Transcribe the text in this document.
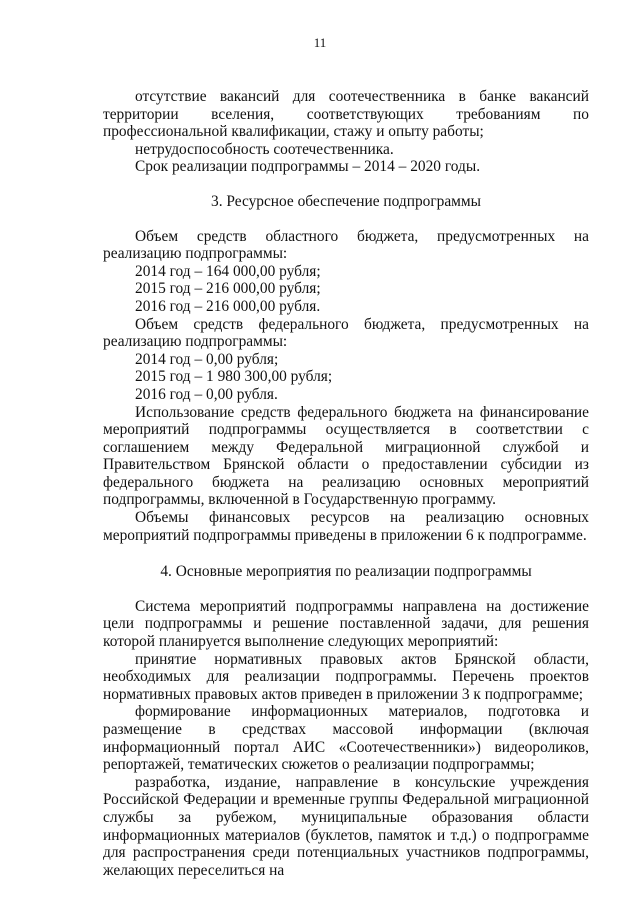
11

отсутствие вакансий для соотечественника в банке вакансий территории вселения, соответствующих требованиям по профессиональной квалификации, стажу и опыту работы;

нетрудоспособность соотечественника.

Срок реализации подпрограммы – 2014 – 2020 годы.

3. Ресурсное обеспечение подпрограммы

Объем средств областного бюджета, предусмотренных на реализацию подпрограммы:

2014 год – 164 000,00 рубля;

2015 год – 216 000,00 рубля;

2016 год – 216 000,00 рубля.

Объем средств федерального бюджета, предусмотренных на реализацию подпрограммы:

2014 год – 0,00 рубля;

2015 год – 1 980 300,00 рубля;

2016 год – 0,00 рубля.

Использование средств федерального бюджета на финансирование мероприятий подпрограммы осуществляется в соответствии с соглашением между Федеральной миграционной службой и Правительством Брянской области о предоставлении субсидии из федерального бюджета на реализацию основных мероприятий подпрограммы, включенной в Государственную программу.

Объемы финансовых ресурсов на реализацию основных мероприятий подпрограммы приведены в приложении 6 к подпрограмме.

4. Основные мероприятия по реализации подпрограммы

Система мероприятий подпрограммы направлена на достижение цели подпрограммы и решение поставленной задачи, для решения которой планируется выполнение следующих мероприятий:

принятие нормативных правовых актов Брянской области, необходимых для реализации подпрограммы. Перечень проектов нормативных правовых актов приведен в приложении 3 к подпрограмме;

формирование информационных материалов, подготовка и размещение в средствах массовой информации (включая информационный портал АИС «Соотечественники») видеороликов, репортажей, тематических сюжетов о реализации подпрограммы;

разработка, издание, направление в консульские учреждения Российской Федерации и временные группы Федеральной миграционной службы за рубежом, муниципальные образования области информационных материалов (буклетов, памяток и т.д.) о подпрограмме для распространения среди потенциальных участников подпрограммы, желающих переселиться на
